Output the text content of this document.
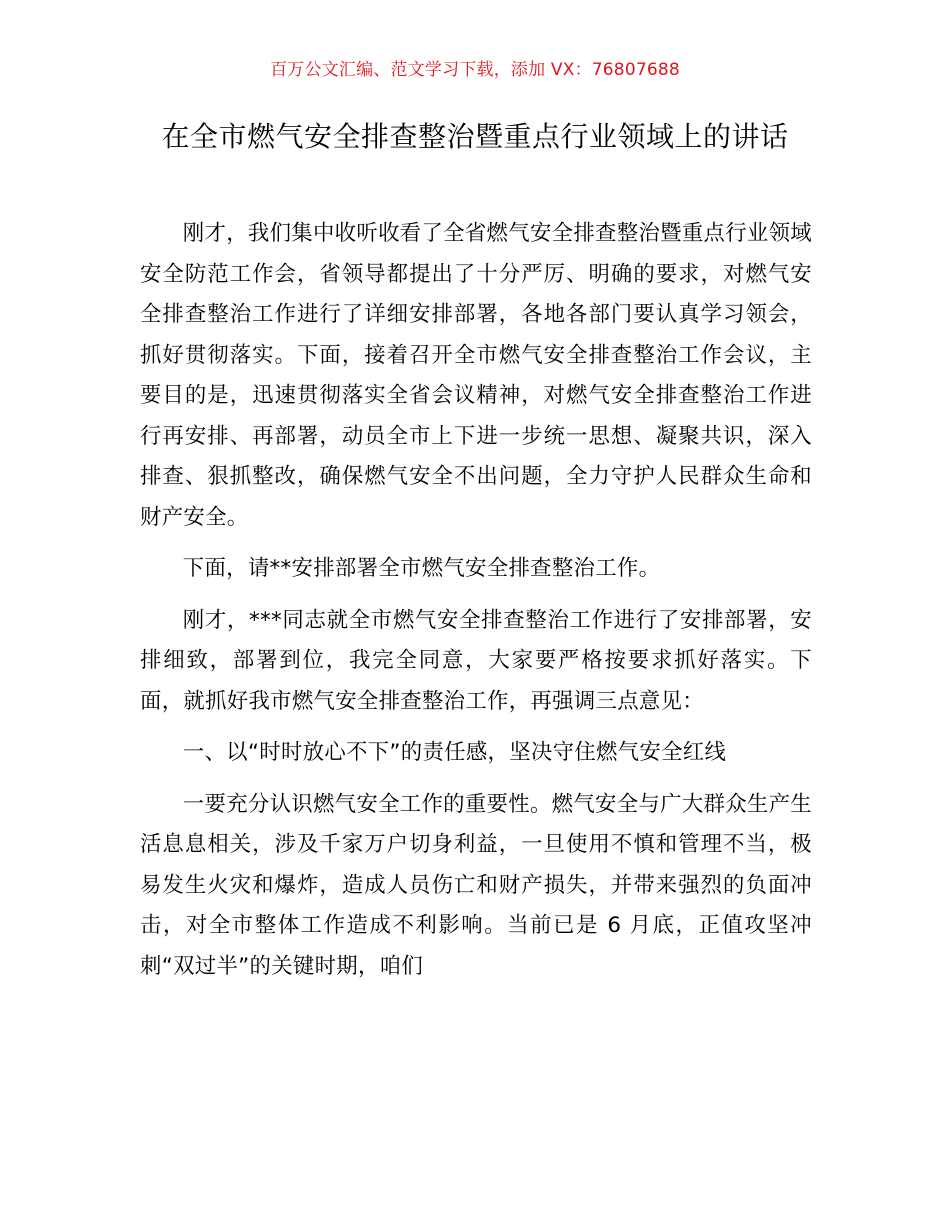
百万公文汇编、范文学习下载，添加 VX：76807688
在全市燃气安全排查整治暨重点行业领域上的讲话

刚才，我们集中收听收看了全省燃气安全排查整治暨重点行业领域安全防范工作会，省领导都提出了十分严厉、明确的要求，对燃气安全排查整治工作进行了详细安排部署，各地各部门要认真学习领会，抓好贯彻落实。下面，接着召开全市燃气安全排查整治工作会议，主要目的是，迅速贯彻落实全省会议精神，对燃气安全排查整治工作进行再安排、再部署，动员全市上下进一步统一思想、凝聚共识，深入排查、狠抓整改，确保燃气安全不出问题，全力守护人民群众生命和财产安全。

下面，请**安排部署全市燃气安全排查整治工作。

刚才，***同志就全市燃气安全排查整治工作进行了安排部署，安排细致，部署到位，我完全同意，大家要严格按要求抓好落实。下面，就抓好我市燃气安全排查整治工作，再强调三点意见：

一、以“时时放心不下”的责任感，坚决守住燃气安全红线

一要充分认识燃气安全工作的重要性。燃气安全与广大群众生产生活息息相关，涉及千家万户切身利益，一旦使用不慎和管理不当，极易发生火灾和爆炸，造成人员伤亡和财产损失，并带来强烈的负面冲击，对全市整体工作造成不利影响。当前已是 6 月底，正值攻坚冲刺“双过半”的关键时期，咱们
